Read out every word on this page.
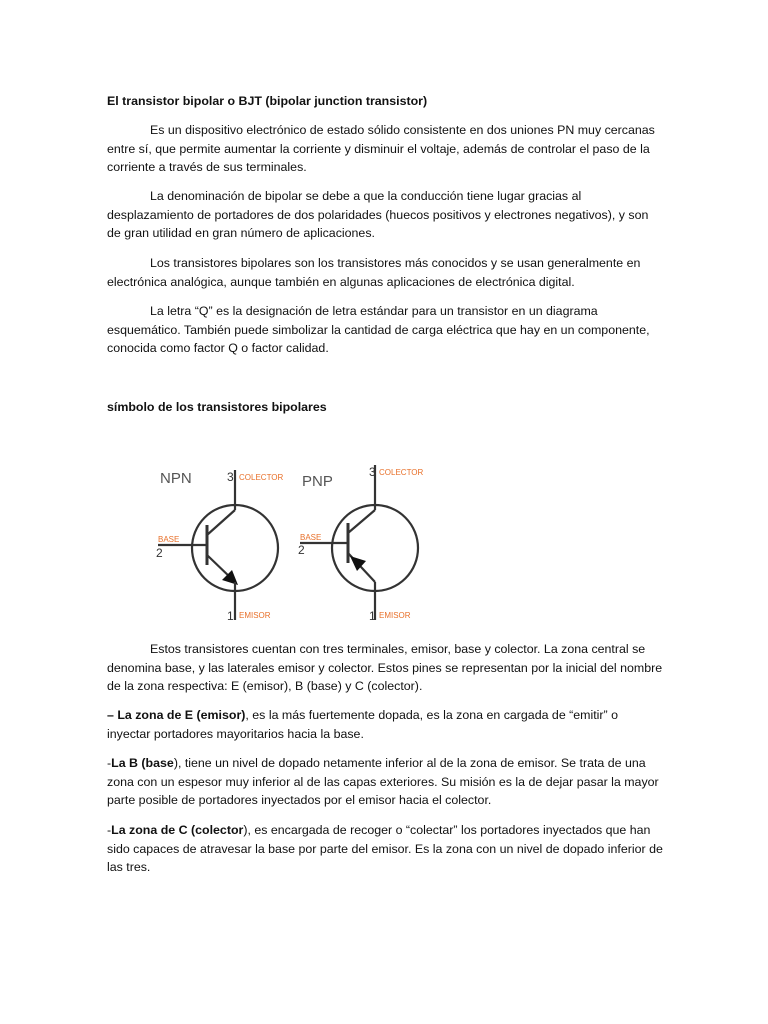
El transistor bipolar o BJT (bipolar junction transistor)

Es un dispositivo electrónico de estado sólido consistente en dos uniones PN muy cercanas entre sí, que permite aumentar la corriente y disminuir el voltaje, además de controlar el paso de la corriente a través de sus terminales.

La denominación de bipolar se debe a que la conducción tiene lugar gracias al desplazamiento de portadores de dos polaridades (huecos positivos y electrones negativos), y son de gran utilidad en gran número de aplicaciones.

Los transistores bipolares son los transistores más conocidos y se usan generalmente en electrónica analógica, aunque también en algunas aplicaciones de electrónica digital.

La letra “Q” es la designación de letra estándar para un transistor en un diagrama esquemático. También puede simbolizar la cantidad de carga eléctrica que hay en un componente, conocida como factor Q o factor calidad.

símbolo de los transistores bipolares
NPN	3 COLECTOR
BASE
2
1 EMISOR
PNP
3 COLECTOR
BASE
2
1 EMISOR

Estos transistores cuentan con tres terminales, emisor, base y colector. La zona central se denomina base, y las laterales emisor y colector. Estos pines se representan por la inicial del nombre de la zona respectiva: E (emisor), B (base) y C (colector).

– La zona de E (emisor), es la más fuertemente dopada, es la zona en cargada de “emitir” o inyectar portadores mayoritarios hacia la base.

-La B (base), tiene un nivel de dopado netamente inferior al de la zona de emisor. Se trata de una zona con un espesor muy inferior al de las capas exteriores. Su misión es la de dejar pasar la mayor parte posible de portadores inyectados por el emisor hacia el colector.

-La zona de C (colector), es encargada de recoger o “colectar” los portadores inyectados que han sido capaces de atravesar la base por parte del emisor. Es la zona con un nivel de dopado inferior de las tres.
